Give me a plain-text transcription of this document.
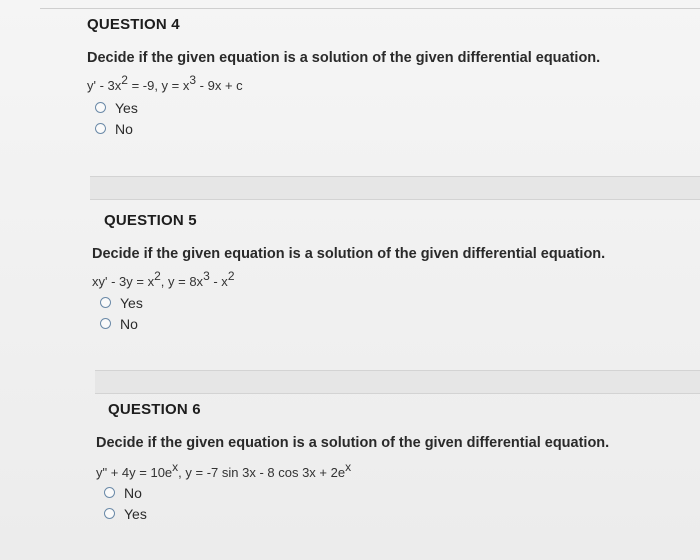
QUESTION 4
Decide if the given equation is a solution of the given differential equation.
$y' - 3x^2 = -9$, $y = x^3 - 9x + c$
Yes
No
QUESTION 5
Decide if the given equation is a solution of the given differential equation.
$xy' - 3y = x^2$, $y = 8x^3 - x^2$
Yes
No
QUESTION 6
Decide if the given equation is a solution of the given differential equation.
y" + $4y = 10e^x$, y = -7 sin 3x - 8 $\cos 3x + 2e^x$
No
Yes
